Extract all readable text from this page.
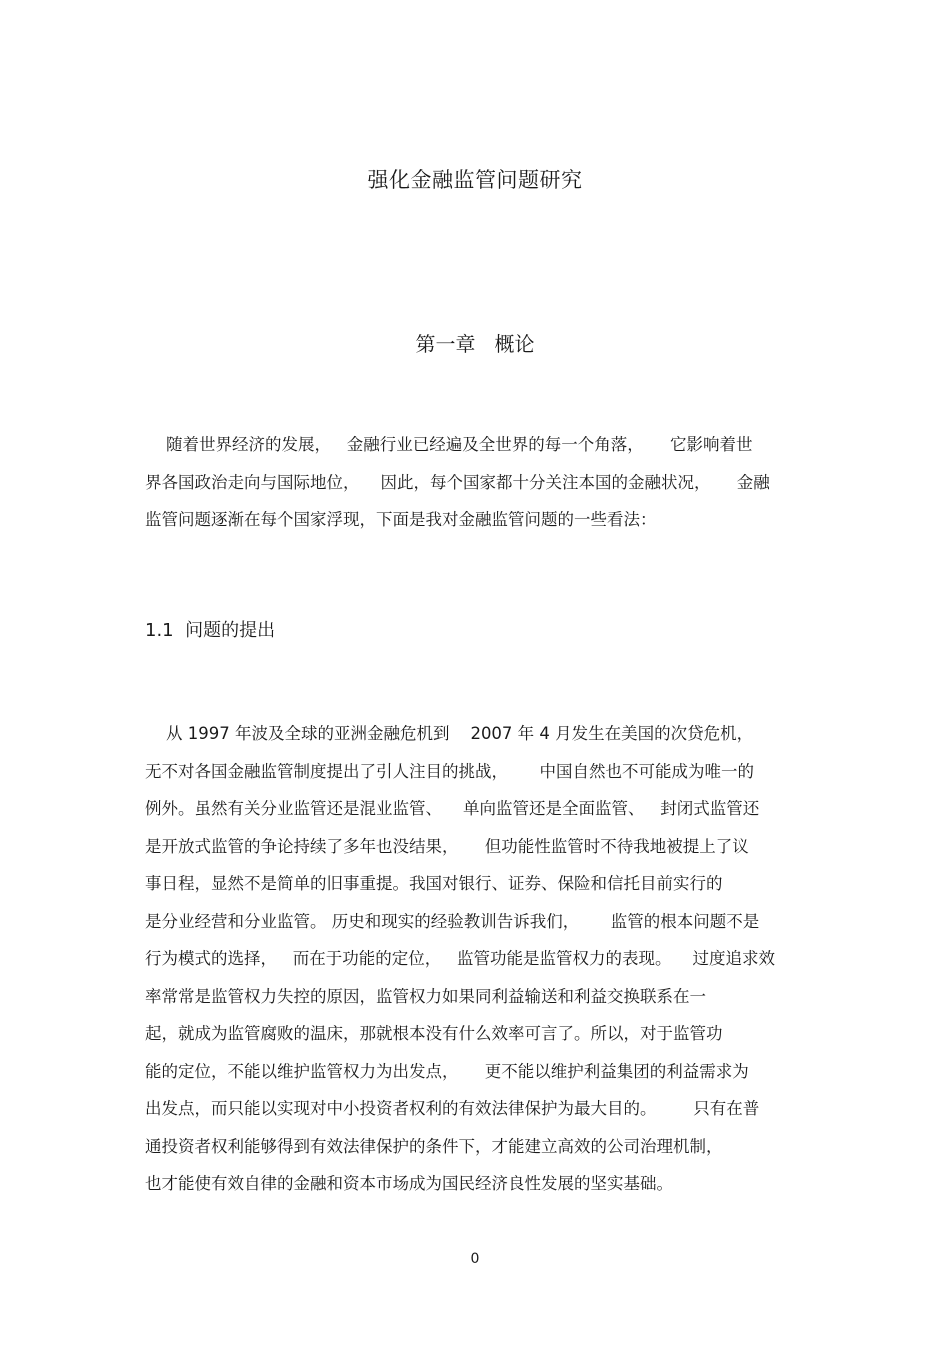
强化金融监管问题研究
第一章   概论
随着世界经济的发展，   金融行业已经遍及全世界的每一个角落，     它影响着世
界各国政治走向与国际地位，    因此，每个国家都十分关注本国的金融状况，     金融
监管问题逐渐在每个国家浮现，下面是我对金融监管问题的一些看法：
1.1  问题的提出
从 1997 年波及全球的亚洲金融危机到    2007 年 4 月发生在美国的次贷危机，
无不对各国金融监管制度提出了引人注目的挑战，      中国自然也不可能成为唯一的
例外。虽然有关分业监管还是混业监管、    单向监管还是全面监管、   封闭式监管还
是开放式监管的争论持续了多年也没结果，     但功能性监管时不待我地被提上了议
事日程，显然不是简单的旧事重提。我国对银行、证券、保险和信托目前实行的
是分业经营和分业监管。 历史和现实的经验教训告诉我们，      监管的根本问题不是
行为模式的选择，   而在于功能的定位，   监管功能是监管权力的表现。    过度追求效
率常常是监管权力失控的原因，监管权力如果同利益输送和利益交换联系在一
起，就成为监管腐败的温床，那就根本没有什么效率可言了。所以，对于监管功
能的定位，不能以维护监管权力为出发点，     更不能以维护利益集团的利益需求为
出发点，而只能以实现对中小投资者权利的有效法律保护为最大目的。       只有在普
通投资者权利能够得到有效法律保护的条件下，才能建立高效的公司治理机制，
也才能使有效自律的金融和资本市场成为国民经济良性发展的坚实基础。
0
